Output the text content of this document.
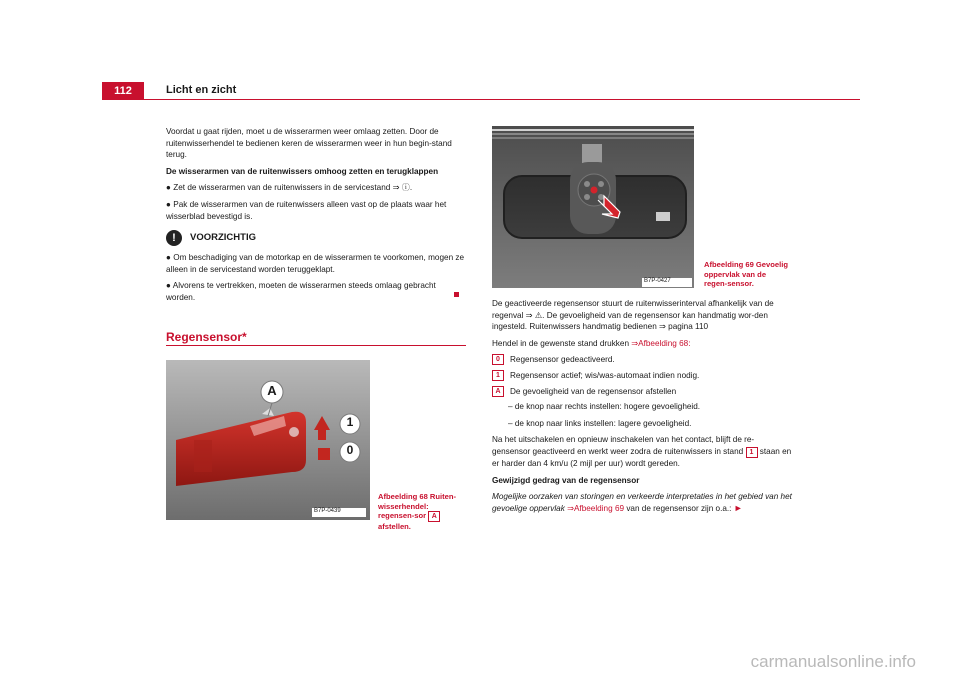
112	Licht en zicht

Voordat u gaat rijden, moet u de wisserarmen weer omlaag zetten. Door de ruitenwisserhendel te bedienen keren de wisserarmen weer in hun begin-stand terug.

De wisserarmen van de ruitenwissers omhoog zetten en terugklappen

● Zet de wisserarmen van de ruitenwissers in de servicestand ⇒ ⓘ.

● Pak de wisserarmen van de ruitenwissers alleen vast op de plaats waar het wisserblad bevestigd is.

!	VOORZICHTIG

● Om beschadiging van de motorkap en de wisserarmen te voorkomen, mogen ze alleen in de servicestand worden teruggeklapt.

● Alvorens te vertrekken, moeten de wisserarmen steeds omlaag gebracht worden.

Regensensor*
A
1
0
B7P-0439
Afbeelding 68 Ruiten-wisserhendel: regensen-sor A afstellen.
B7P-0427
Afbeelding 69 Gevoelig oppervlak van de regen-sensor.

De geactiveerde regensensor stuurt de ruitenwisserinterval afhankelijk van de regenval ⇒ ⚠. De gevoeligheid van de regensensor kan handmatig wor-den ingesteld. Ruitenwissers handmatig bedienen ⇒ pagina 110

Hendel in de gewenste stand drukken ⇒Afbeelding 68:

0	Regensensor gedeactiveerd.
1	Regensensor actief; wis/was-automaat indien nodig.
A	De gevoeligheid van de regensensor afstellen

– de knop naar rechts instellen: hogere gevoeligheid.

– de knop naar links instellen: lagere gevoeligheid.

Na het uitschakelen en opnieuw inschakelen van het contact, blijft de re-gensensor geactiveerd en werkt weer zodra de ruitenwissers in stand 1 staan en er harder dan 4 km/u (2 mijl per uur) wordt gereden.

Gewijzigd gedrag van de regensensor

Mogelijke oorzaken van storingen en verkeerde interpretaties in het gebied van het gevoelige oppervlak ⇒Afbeelding 69 van de regensensor zijn o.a.: ►

carmanualsonline.info
